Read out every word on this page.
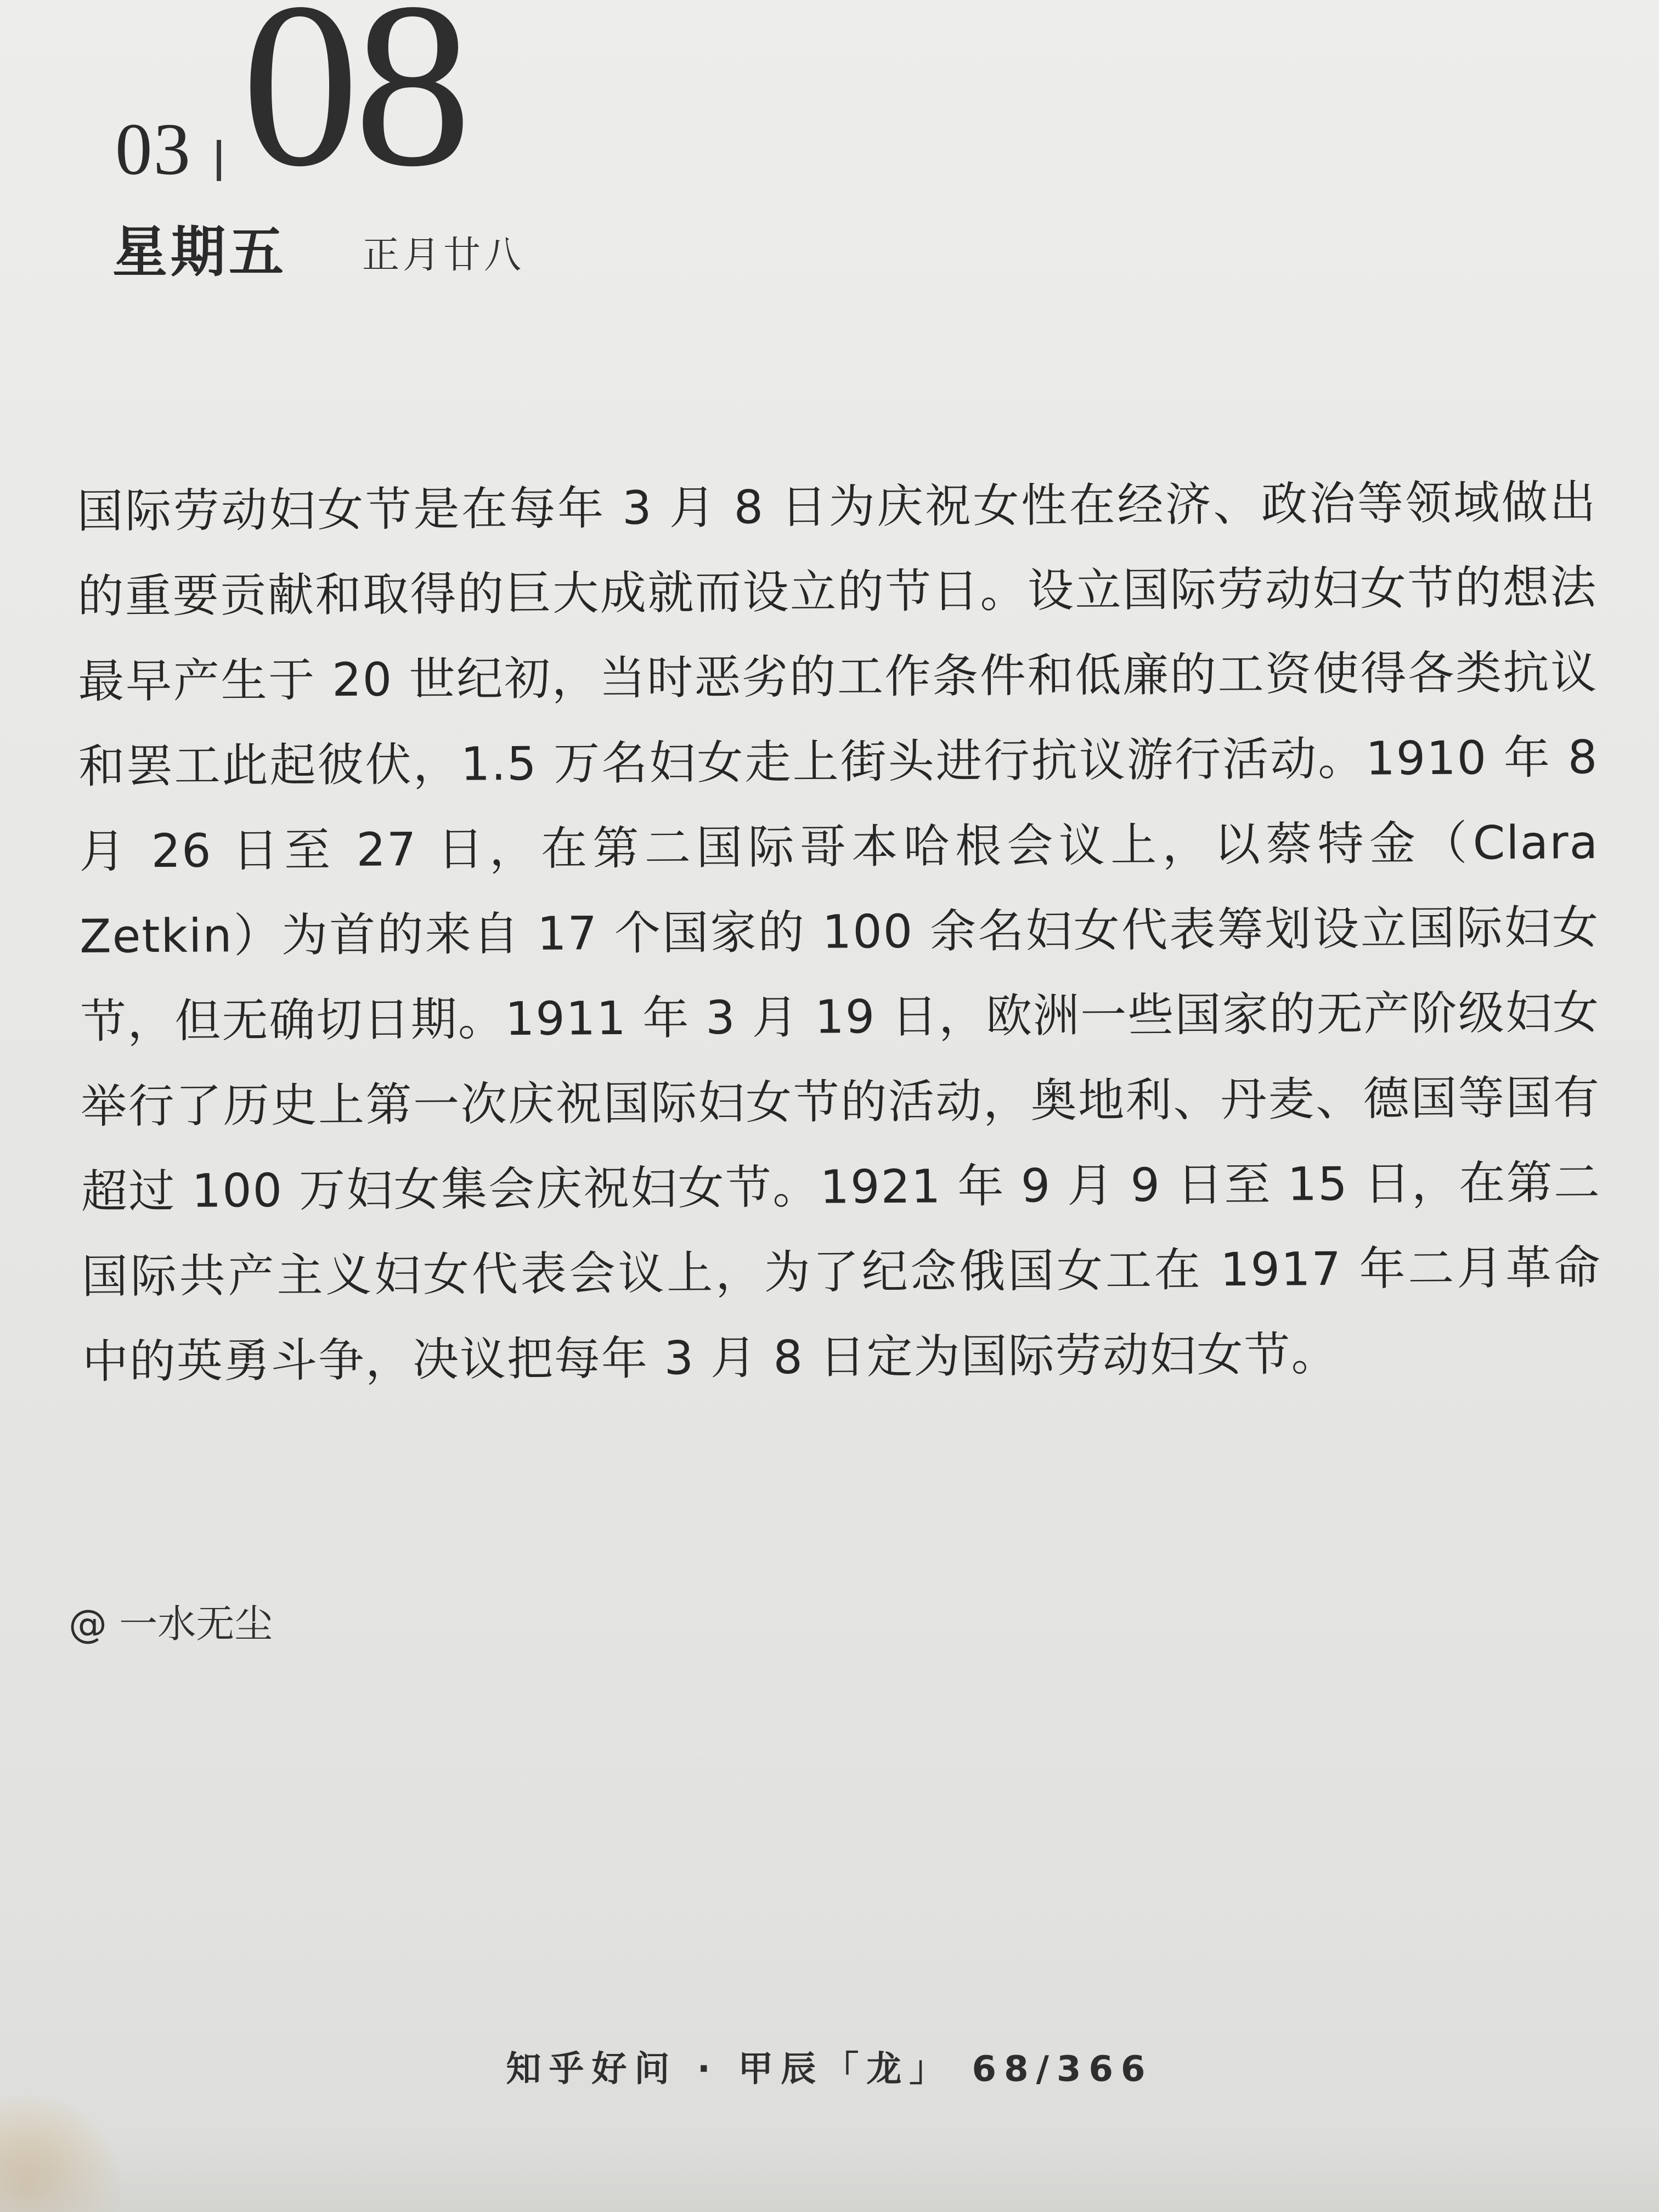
03 08
星期五 正月廿八

国际劳动妇女节是在每年 3 月 8 日为庆祝女性在经济、政治等领域做出的重要贡献和取得的巨大成就而设立的节日。设立国际劳动妇女节的想法最早产生于 20 世纪初，当时恶劣的工作条件和低廉的工资使得各类抗议和罢工此起彼伏，1.5 万名妇女走上街头进行抗议游行活动。1910 年 8 月 26 日至 27 日，在第二国际哥本哈根会议上，以蔡特金（Clara Zetkin）为首的来自 17 个国家的 100 余名妇女代表筹划设立国际妇女节，但无确切日期。1911 年 3 月 19 日，欧洲一些国家的无产阶级妇女举行了历史上第一次庆祝国际妇女节的活动，奥地利、丹麦、德国等国有超过 100 万妇女集会庆祝妇女节。1921 年 9 月 9 日至 15 日，在第二国际共产主义妇女代表会议上，为了纪念俄国女工在 1917 年二月革命中的英勇斗争，决议把每年 3 月 8 日定为国际劳动妇女节。

@ 一水无尘
知乎好问 · 甲辰「龙」 68/366
